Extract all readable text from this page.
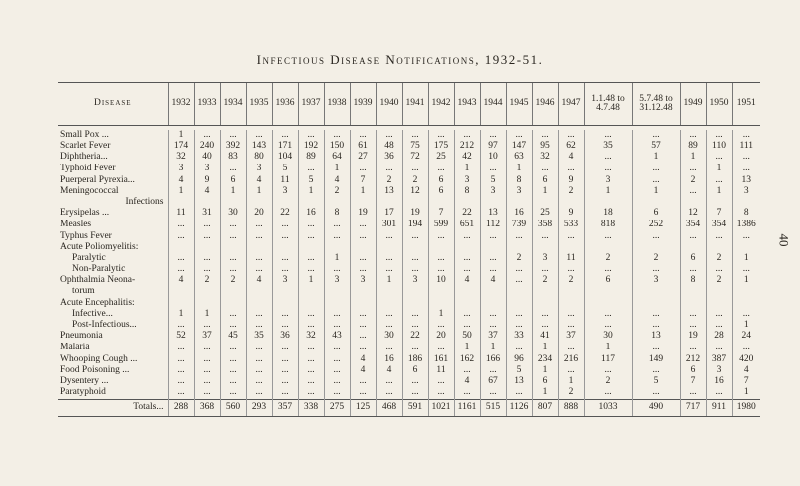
40
Infectious Disease Notifications, 1932-51.
Disease	1932	1933	1934	1935	1936	1937	1938	1939	1940	1941	1942	1943	1944	1945	1946	1947	1.1.48 to 4.7.48	5.7.48 to 31.12.48	1949	1950	1951

Small Pox ...	1	...	...	...	...	...	...	...	...	...	...	...	...	...	...	...	...	...	...	...	...
Scarlet Fever	174	240	392	143	171	192	150	61	48	75	175	212	97	147	95	62	35	57	89	110	111
Diphtheria...	32	40	83	80	104	89	64	27	36	72	25	42	10	63	32	4	...	1	1	...	...
Typhoid Fever	3	3	...	3	5	...	1	...	...	...	...	1	...	1	...	...	...	...	...	1	...
Puerperal Pyrexia...	4	9	6	4	11	5	4	7	2	2	6	3	5	8	6	9	3	...	2	...	13
Meningococcal	1	4	1	1	3	1	2	1	13	12	6	8	3	3	1	2	1	1	...	1	3
Infections																					
Erysipelas ...	11	31	30	20	22	16	8	19	17	19	7	22	13	16	25	9	18	6	12	7	8
Measles	...	...	...	...	...	...	...	...	301	194	599	651	112	739	358	533	818	252	354	354	1386
Typhus Fever	...	...	...	...	...	...	...	...	...	...	...	...	...	...	...	...	...	...	...	...	...
Acute Poliomyelitis:																					
Paralytic	...	...	...	...	...	...	1	...	...	...	...	...	...	2	3	11	2	2	6	2	1
Non-Paralytic	...	...	...	...	...	...	...	...	...	...	...	...	...	...	...	...	...	...	...	...	...
Ophthalmia Neona-	4	2	2	4	3	1	3	3	1	3	10	4	4	...	2	2	6	3	8	2	1
torum																					
Acute Encephalitis:																					
Infective...	1	1	...	...	...	...	...	...	...	...	1	...	...	...	...	...	...	...	...	...	...
Post-Infectious...	...	...	...	...	...	...	...	...	...	...	...	...	...	...	...	...	...	...	...	...	1
Pneumonia	52	37	45	35	36	32	43	...	30	22	20	50	37	33	41	37	30	13	19	28	24
Malaria	...	...	...	...	...	...	...	...	...	...	...	1	1	...	1	...	1	...	...	...	...
Whooping Cough ...	...	...	...	...	...	...	...	4	16	186	161	162	166	96	234	216	117	149	212	387	420
Food Poisoning ...	...	...	...	...	...	...	...	4	4	6	11	...	...	5	1	...	...	...	6	3	4
Dysentery ...	...	...	...	...	...	...	...	...	...	...	...	4	67	13	6	1	2	5	7	16	7
Paratyphoid	...	...	...	...	...	...	...	...	...	...	...	...	...	...	1	2	...	...	...	...	1
Totals...	288	368	560	293	357	338	275	125	468	591	1021	1161	515	1126	807	888	1033	490	717	911	1980
